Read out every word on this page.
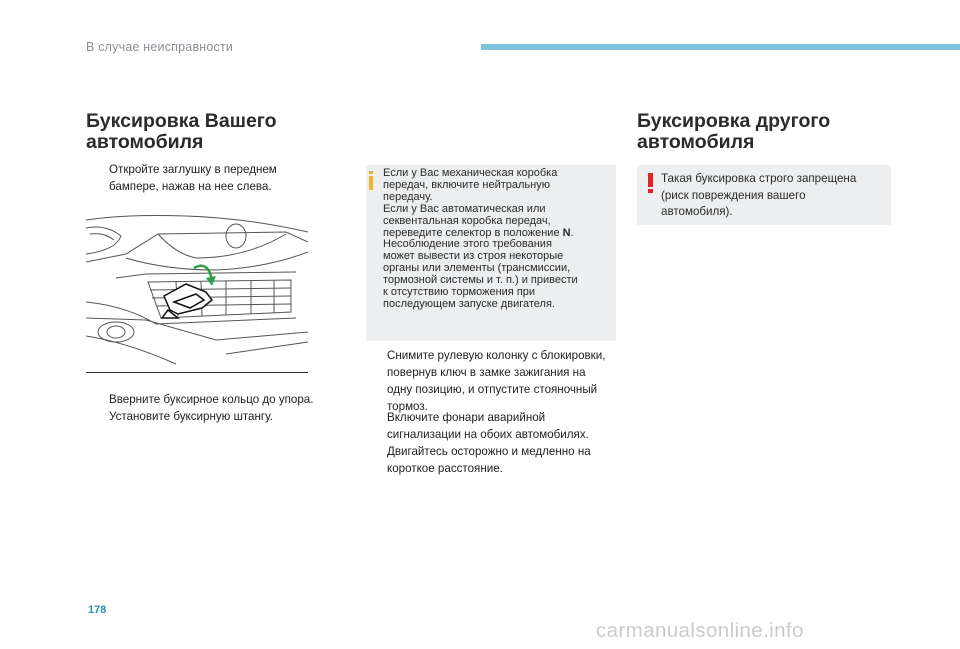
В случае неисправности
Буксировка Вашего
автомобиля
Откройте заглушку в переднем
бампере, нажав на нее слева.
Вверните буксирное кольцо до упора.
Установите буксирную штангу.
Если у Вас механическая коробка
передач, включите нейтральную
передачу.
Если у Вас автоматическая или
секвентальная коробка передач,
переведите селектор в положение N.
Несоблюдение этого требования
может вывести из строя некоторые
органы или элементы (трансмиссии,
тормозной системы и т. п.) и привести
к отсутствию торможения при
последующем запуске двигателя.
Снимите рулевую колонку с блокировки,
повернув ключ в замке зажигания на
одну позицию, и отпустите стояночный
тормоз.
Включите фонари аварийной
сигнализации на обоих автомобилях.
Двигайтесь осторожно и медленно на
короткое расстояние.
Буксировка другого
автомобиля
Такая буксировка строго запрещена
(риск повреждения вашего
автомобиля).
178
carmanualsonline.info
